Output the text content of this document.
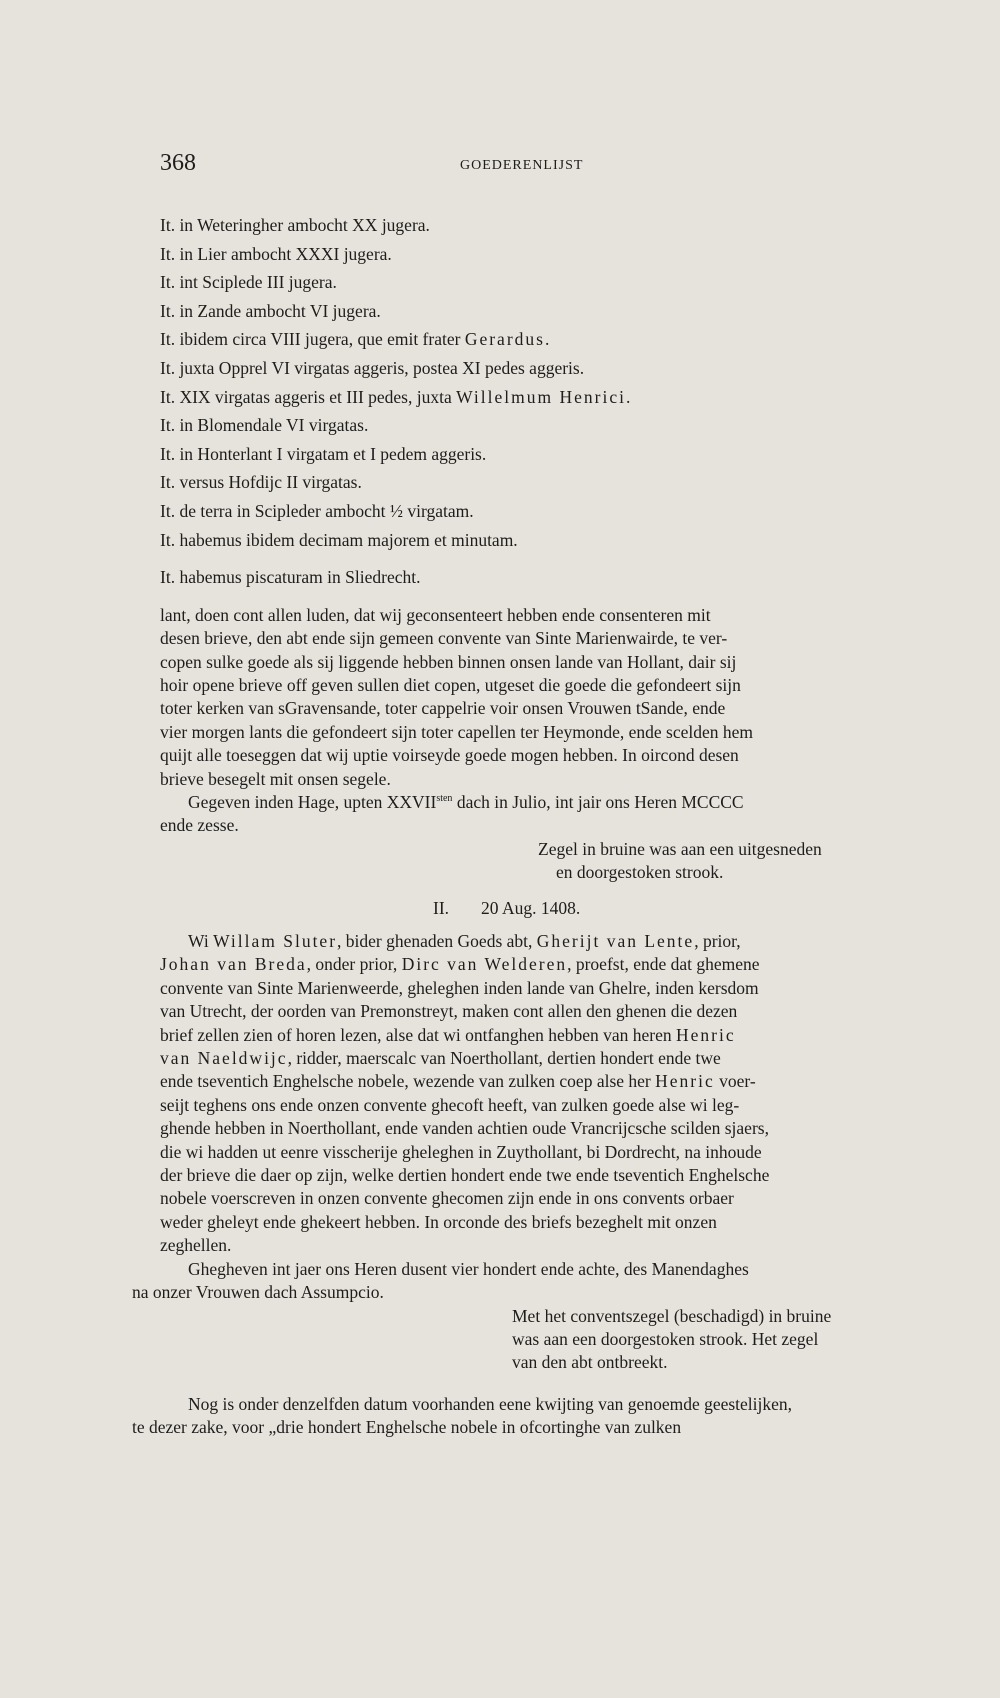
368	GOEDERENLIJST

It. in Weteringher ambocht XX jugera.

It. in Lier ambocht XXXI jugera.

It. int Sciplede III jugera.

It. in Zande ambocht VI jugera.

It. ibidem circa VIII jugera, que emit frater Gerardus.

It. juxta Opprel VI virgatas aggeris, postea XI pedes aggeris.

It. XIX virgatas aggeris et III pedes, juxta Willelmum Henrici.

It. in Blomendale VI virgatas.

It. in Honterlant I virgatam et I pedem aggeris.

It. versus Hofdijc II virgatas.

It. de terra in Scipleder ambocht ½ virgatam.

It. habemus ibidem decimam majorem et minutam.

It. habemus piscaturam in Sliedrecht.

lant, doen cont allen luden, dat wij geconsenteert hebben ende consenteren mit
desen brieve, den abt ende sijn gemeen convente van Sinte Marienwairde, te ver-
copen sulke goede als sij liggende hebben binnen onsen lande van Hollant, dair sij
hoir opene brieve off geven sullen diet copen, utgeset die goede die gefondeert sijn
toter kerken van sGravensande, toter cappelrie voir onsen Vrouwen tSande, ende
vier morgen lants die gefondeert sijn toter capellen ter Heymonde, ende scelden hem
quijt alle toeseggen dat wij uptie voirseyde goede mogen hebben. In oircond desen
brieve besegelt mit onsen segele.

Gegeven inden Hage, upten $XXVII^{sten}$ dach in Julio, int jair ons Heren MCCCC

ende zesse.

Zegel in bruine was aan een uitgesneden
en doorgestoken strook.

II. 20 Aug. 1408.

Wi Willam Sluter, bider ghenaden Goeds abt, Gherijt van Lente, prior,
Johan van Breda, onder prior, Dirc van Welderen, proefst, ende dat ghemene
convente van Sinte Marienweerde, gheleghen inden lande van Ghelre, inden kersdom
van Utrecht, der oorden van Premonstreyt, maken cont allen den ghenen die dezen
brief zellen zien of horen lezen, alse dat wi ontfanghen hebben van heren Henric
van Naeldwijc, ridder, maerscalc van Noertholl​ant, dertien hondert ende twe
ende tseventich Enghelsche nobele, wezende van zulken coep alse her Henric voer-
seijt teghens ons ende onzen convente ghecoft heeft, van zulken goede alse wi leg-
ghende hebben in Noertholl​ant, ende vanden achtien oude Vrancrijcsche scilden sjaers,
die wi hadden ut eenre visscherije gheleghen in Zuytholl​ant, bi Dordrecht, na inhoude
der brieve die daer op zijn, welke dertien hondert ende twe ende tseventich Enghelsche
nobele voerscreven in onzen convente ghecomen zijn ende in ons convents orbaer
weder gheleyt ende ghekeert hebben. In orconde des briefs bezeghelt mit onzen
zeghellen.
Ghegheven int jaer ons Heren dusent vier hondert ende achte, des Manendaghes
na onzer Vrouwen dach Assumpcio.
Met het conventszegel (beschadigd) in bruine
was aan een doorgestoken strook. Het zegel
van den abt ontbreekt.
Nog is onder denzelfden datum voorhanden eene kwijting van genoemde geestelijken,
te dezer zake, voor „drie hondert Enghelsche nobele in ofcortinghe van zulken
